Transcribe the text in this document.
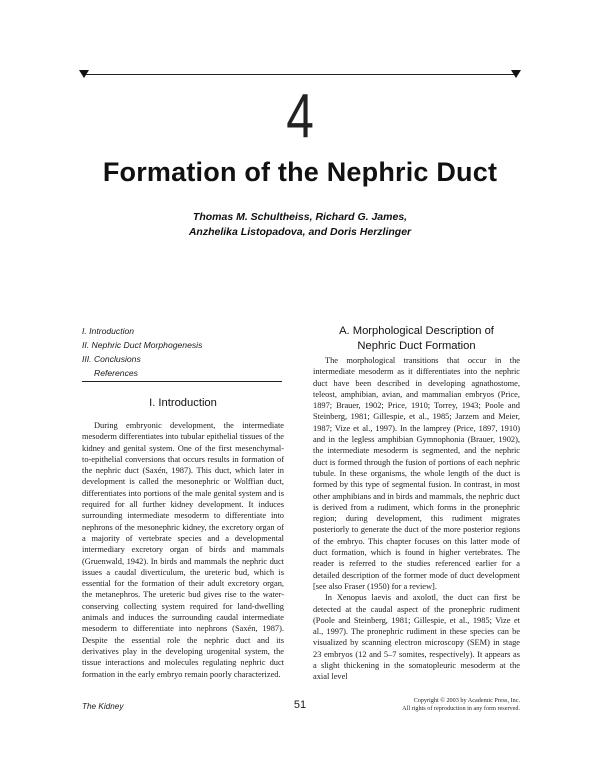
4
Formation of the Nephric Duct
Thomas M. Schultheiss, Richard G. James,
Anzhelika Listopadova, and Doris Herzlinger
I. Introduction
II. Nephric Duct Morphogenesis
III. Conclusions
References
I. Introduction

During embryonic development, the intermediate mesoderm differentiates into tubular epithelial tissues of the kidney and genital system. One of the first mesenchymal-to-epithelial conversions that occurs results in formation of the nephric duct (Saxén, 1987). This duct, which later in development is called the mesonephric or Wolffian duct, differentiates into portions of the male genital system and is required for all further kidney development. It induces surrounding intermediate mesoderm to differentiate into nephrons of the mesonephric kidney, the excretory organ of a majority of vertebrate species and a developmental intermediary excretory organ of birds and mammals (Gruenwald, 1942). In birds and mammals the nephric duct issues a caudal diverticulum, the ureteric bud, which is essential for the formation of their adult excretory organ, the metanephros. The ureteric bud gives rise to the water-conserving collecting system required for land-dwelling animals and induces the surrounding caudal intermediate mesoderm to differentiate into nephrons (Saxén, 1987). Despite the essential role the nephric duct and its derivatives play in the developing urogenital system, the tissue interactions and molecules regulating nephric duct formation in the early embryo remain poorly characterized.

A. Morphological Description of
Nephric Duct Formation

The morphological transitions that occur in the intermediate mesoderm as it differentiates into the nephric duct have been described in developing agnathostome, teleost, amphibian, avian, and mammalian embryos (Price, 1897; Brauer, 1902; Price, 1910; Torrey, 1943; Poole and Steinberg, 1981; Gillespie, et al., 1985; Jarzem and Meier, 1987; Vize et al., 1997). In the lamprey (Price, 1897, 1910) and in the legless amphibian Gymnophonia (Brauer, 1902), the intermediate mesoderm is segmented, and the nephric duct is formed through the fusion of portions of each nephric tubule. In these organisms, the whole length of the duct is formed by this type of segmental fusion. In contrast, in most other amphibians and in birds and mammals, the nephric duct is derived from a rudiment, which forms in the pronephric region; during development, this rudiment migrates posteriorly to generate the duct of the more posterior regions of the embryo. This chapter focuses on this latter mode of duct formation, which is found in higher vertebrates. The reader is referred to the studies referenced earlier for a detailed description of the former mode of duct development [see also Fraser (1950) for a review].

In Xenopus laevis and axolotl, the duct can first be detected at the caudal aspect of the pronephric rudiment (Poole and Steinberg, 1981; Gillespie, et al., 1985; Vize et al., 1997). The pronephric rudiment in these species can be visualized by scanning electron microscopy (SEM) in stage 23 embryos (12 and 5–7 somites, respectively). It appears as a slight thickening in the somatopleuric mesoderm at the axial level

The Kidney	51	Copyright © 2003 by Academic Press, Inc.
All rights of reproduction in any form reserved.
